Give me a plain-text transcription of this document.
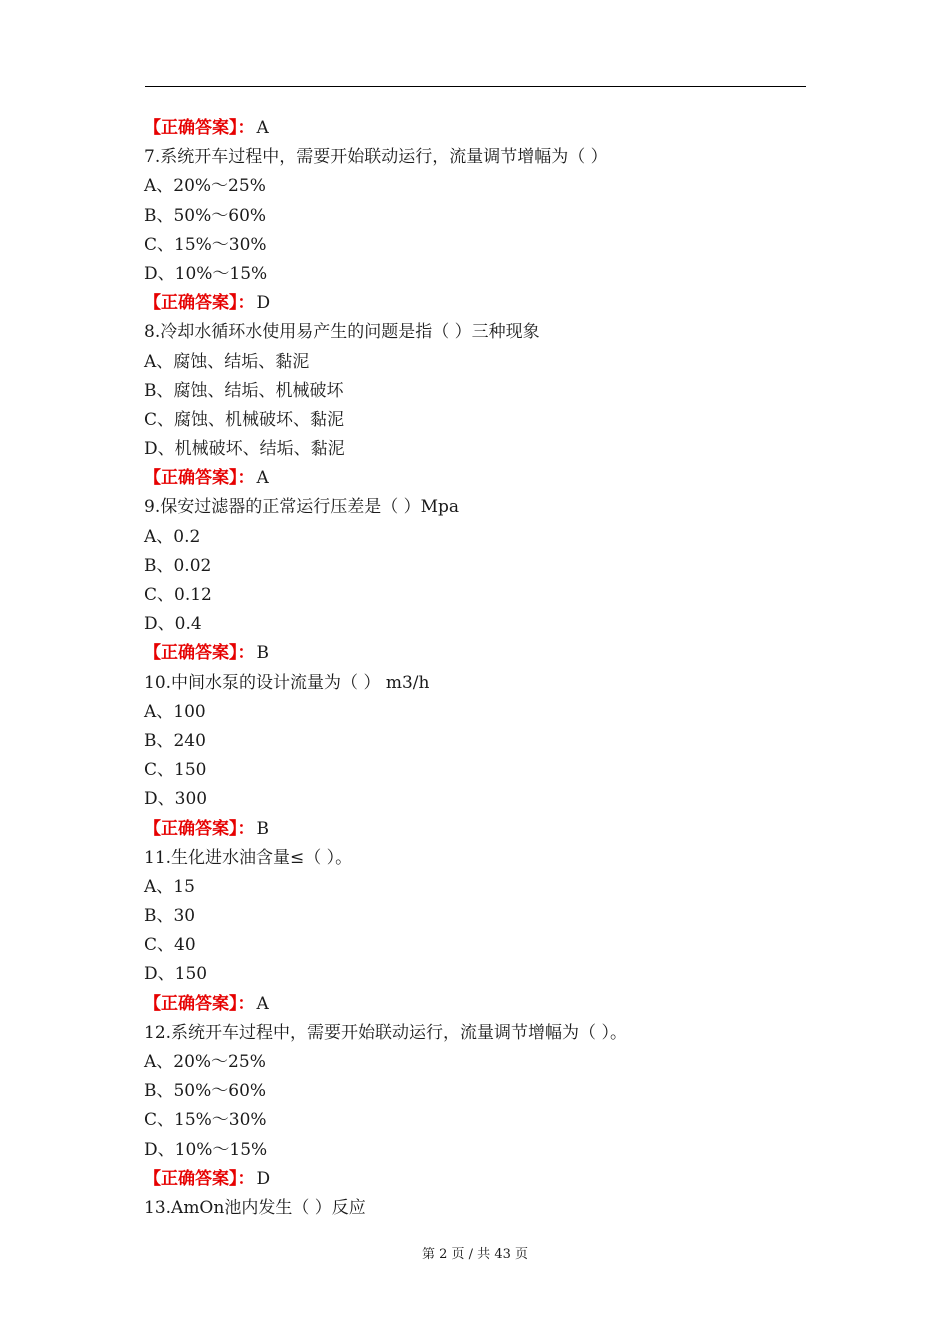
【正确答案】： A
7.系统开车过程中，需要开始联动运行，流量调节增幅为（ ）
A、20%～25%
B、50%～60%
C、15%～30%
D、10%～15%
【正确答案】： D
8.冷却水循环水使用易产生的问题是指（ ）三种现象
A、腐蚀、结垢、黏泥
B、腐蚀、结垢、机械破坏
C、腐蚀、机械破坏、黏泥
D、机械破坏、结垢、黏泥
【正确答案】： A
9.保安过滤器的正常运行压差是（ ）Mpa
A、0.2
B、0.02
C、0.12
D、0.4
【正确答案】： B
10.中间水泵的设计流量为（ ） m3/h
A、100
B、240
C、150
D、300
【正确答案】： B
11.生化进水油含量≤（ ）。
A、15
B、30
C、40
D、150
【正确答案】： A
12.系统开车过程中，需要开始联动运行，流量调节增幅为（ ）。
A、20%～25%
B、50%～60%
C、15%～30%
D、10%～15%
【正确答案】： D
13.AmOn池内发生（ ）反应
第 2 页 / 共 43 页
